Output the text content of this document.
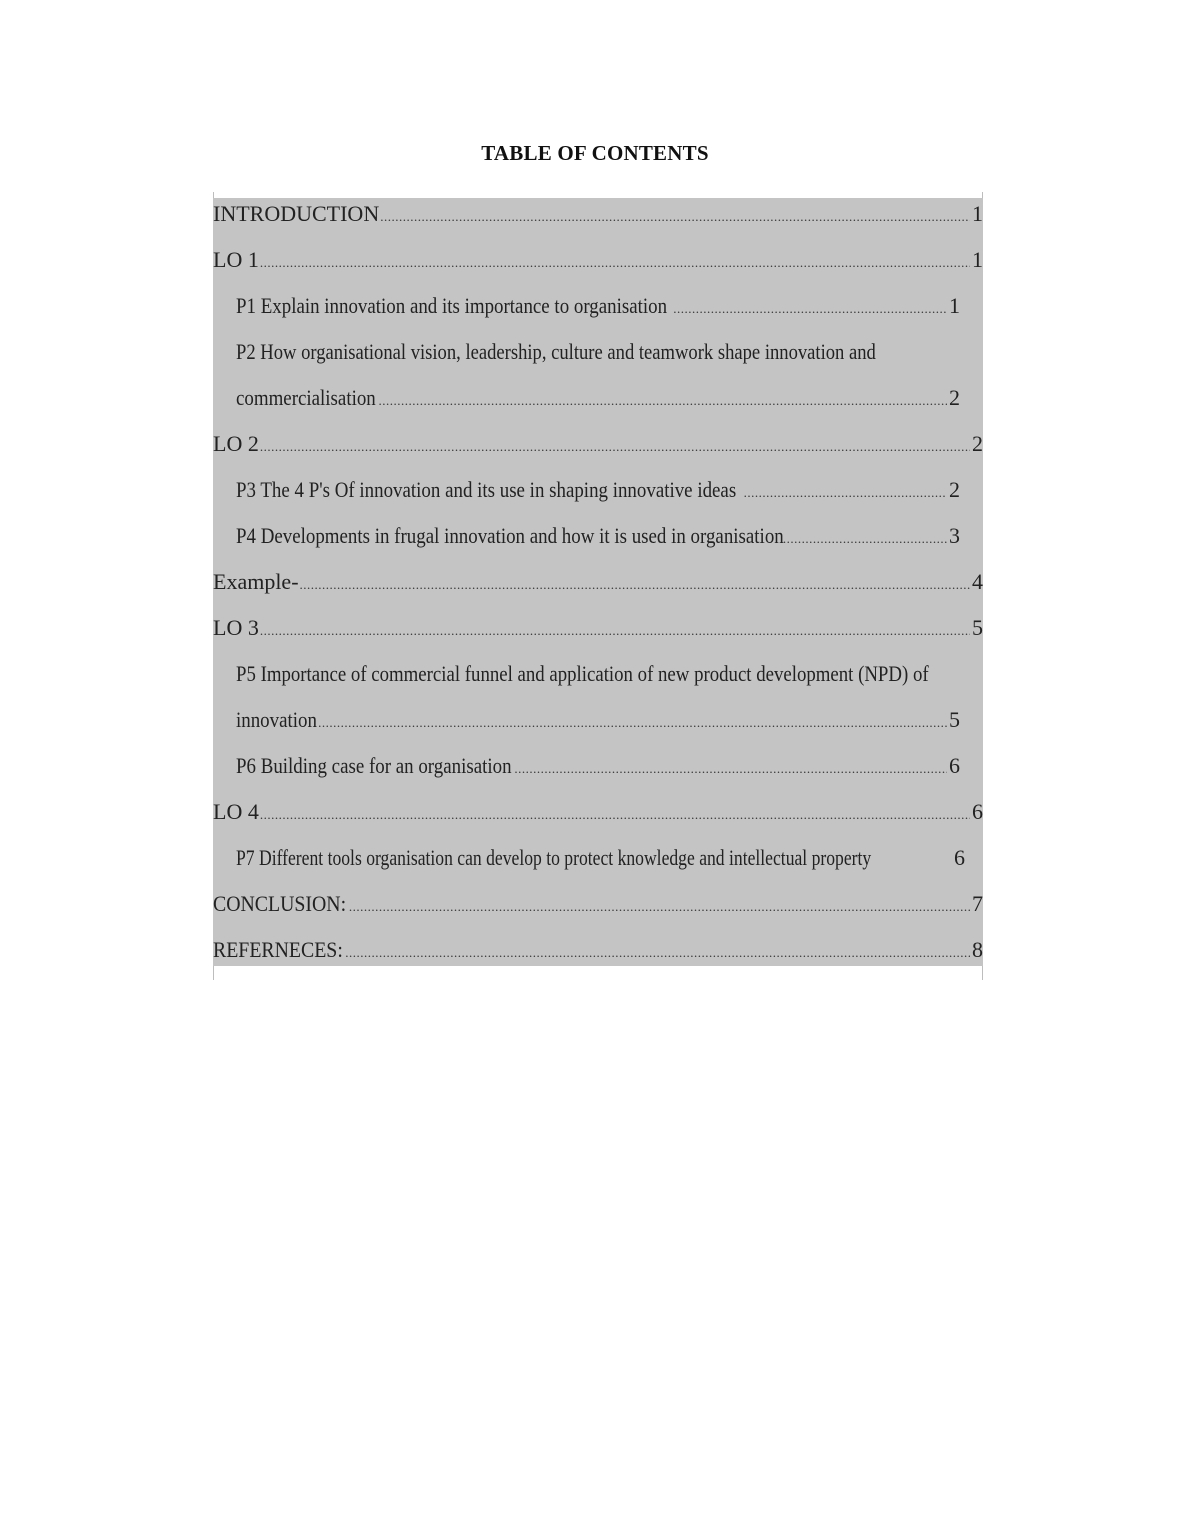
TABLE OF CONTENTS
INTRODUCTION .....	1
LO 1 .....	1
P1 Explain innovation and its importance to organisation .....	1
P2 How organisational vision, leadership, culture and teamwork shape innovation and
commercialisation .....	2
LO 2 .....	2
P3 The 4 P's Of innovation and its use in shaping innovative ideas .....	2
P4 Developments in frugal innovation and how it is used in organisation .....	3
Example- .....	4
LO 3 .....	5
P5 Importance of commercial funnel and application of new product development (NPD) of
innovation .....	5
P6 Building case for an organisation .....	6
LO 4 .....	6
P7 Different tools organisation can develop to protect knowledge and intellectual property	6
CONCLUSION: .....	7
REFERNECES: .....	8
